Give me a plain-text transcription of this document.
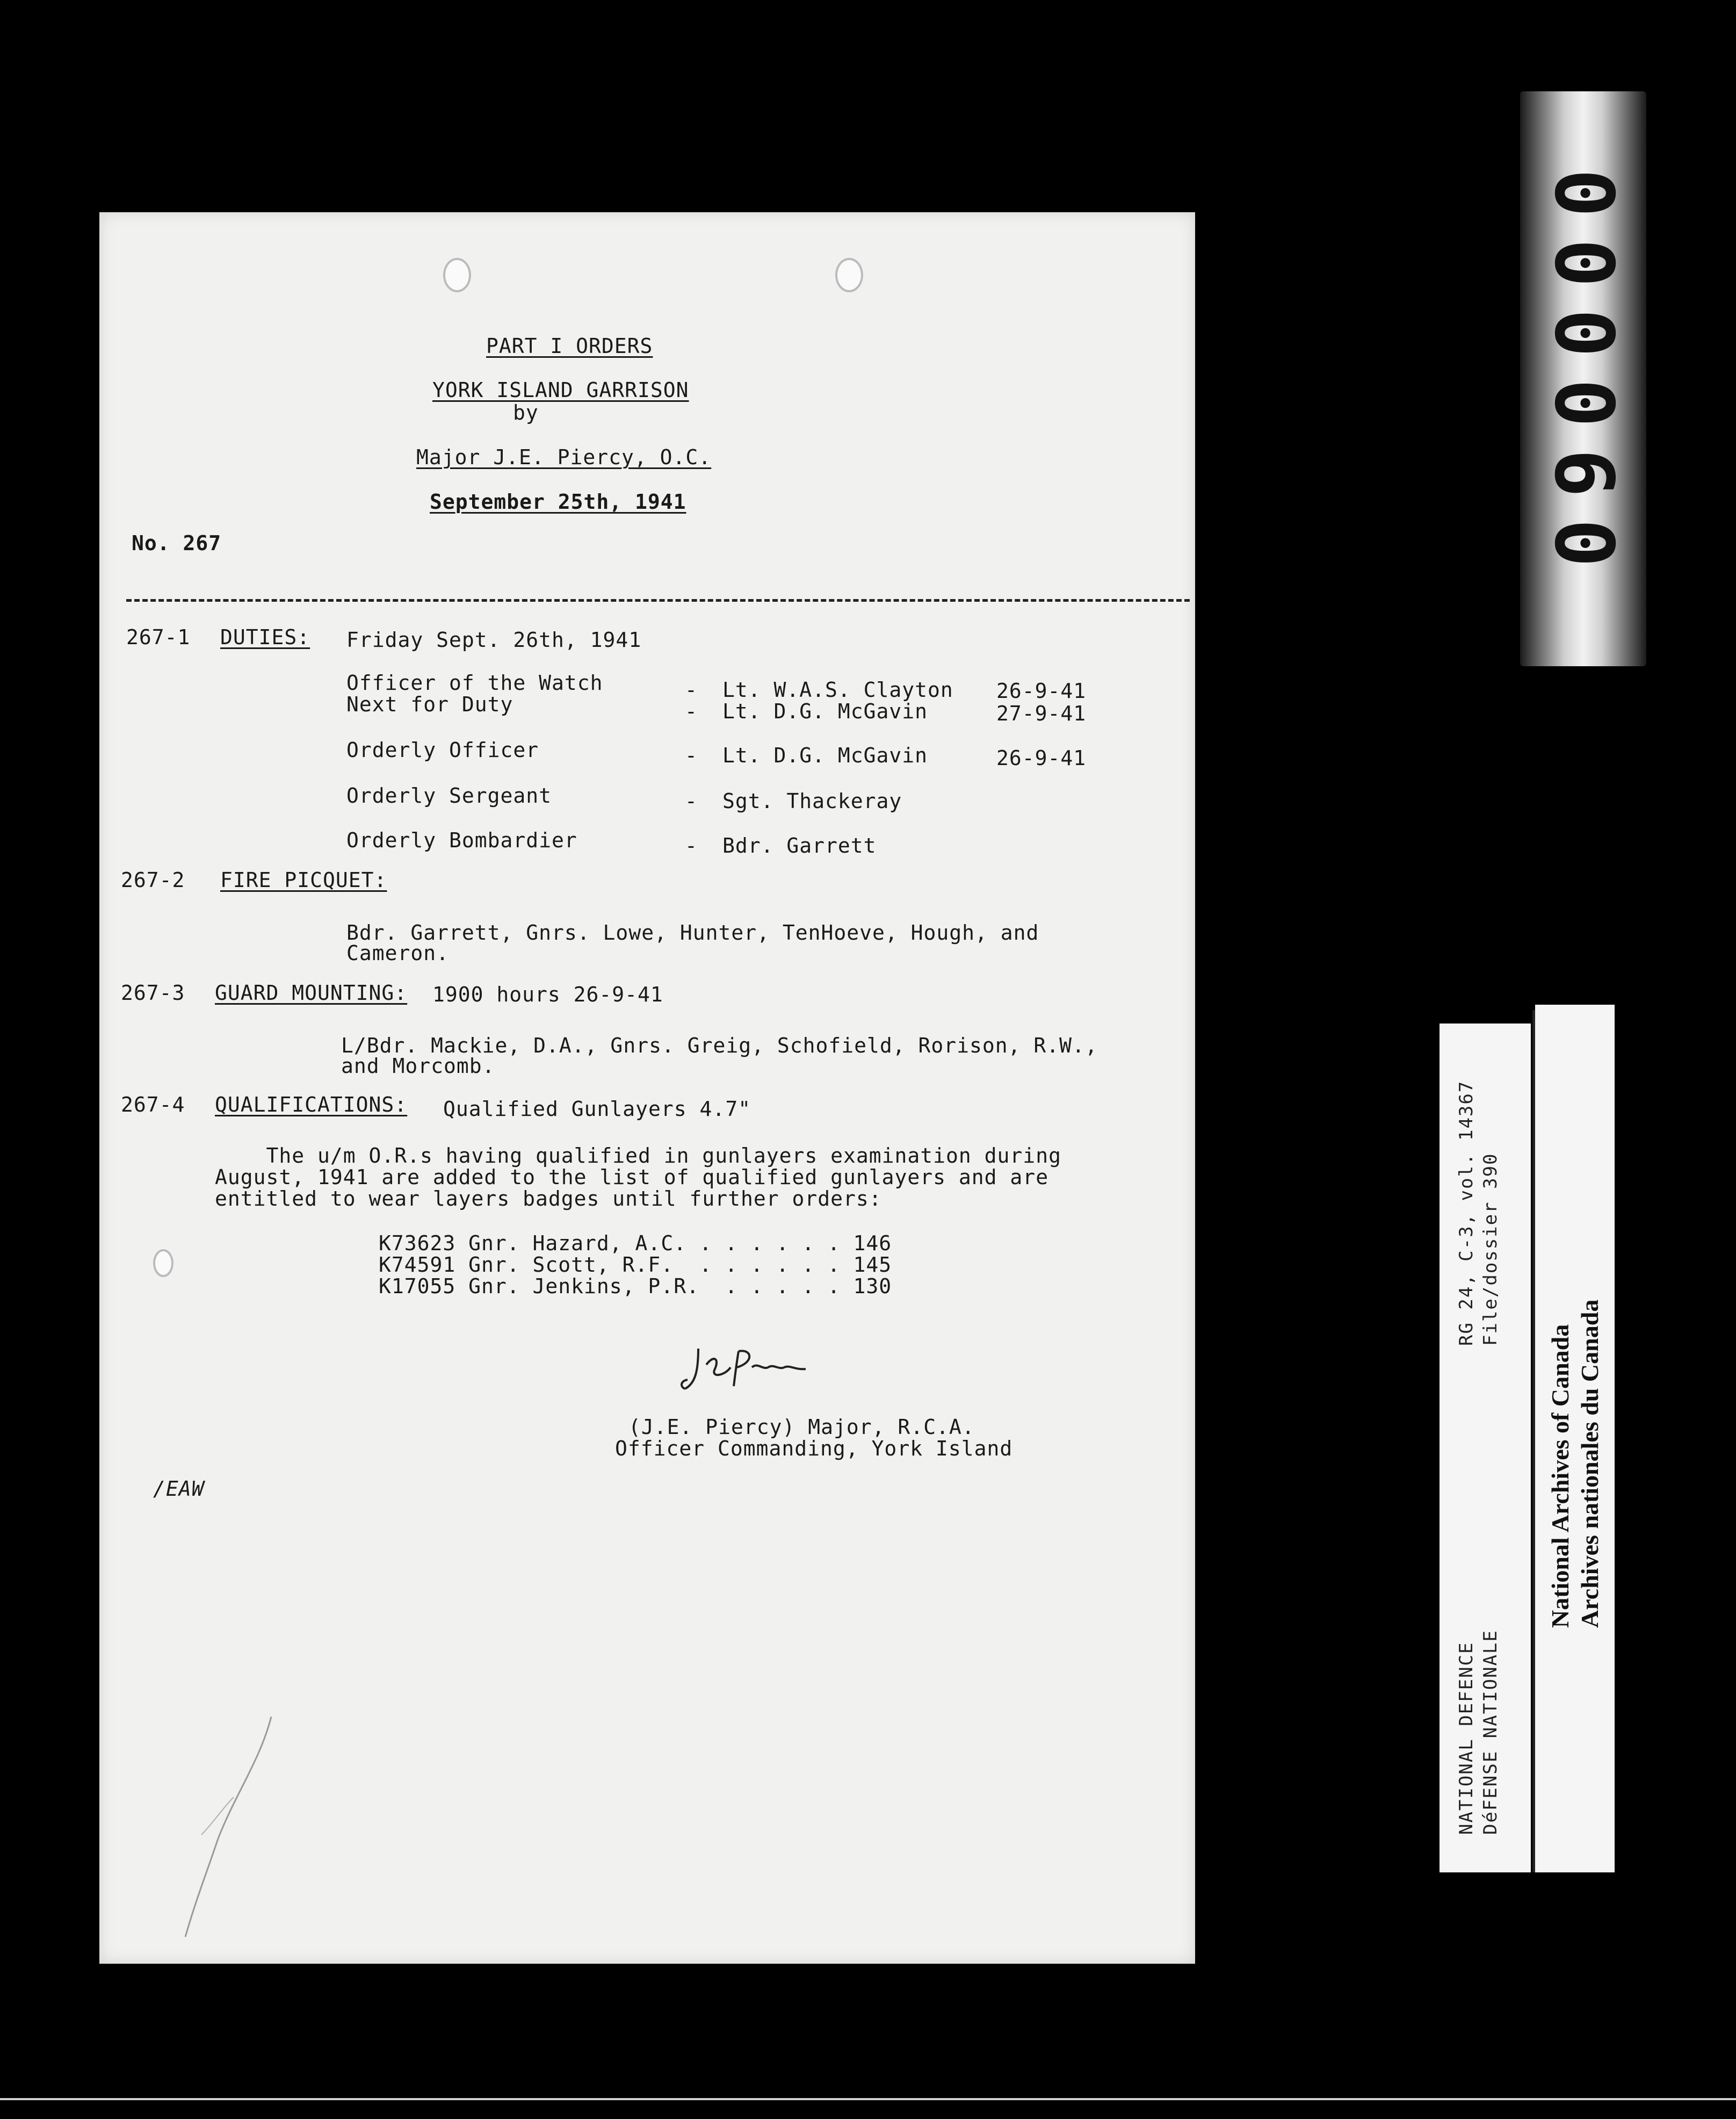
PART I ORDERS
YORK ISLAND GARRISON
by
Major J.E. Piercy, O.C.
September 25th, 1941
No. 267
267-1 DUTIES: Friday Sept. 26th, 1941
Officer of the Watch	- Lt. W.A.S. Clayton 26-9-41
Next for Duty	- Lt. D.G. McGavin	27-9-41
Orderly Officer	- Lt. D.G. McGavin	26-9-41
Orderly Sergeant	- Sgt. Thackeray
Orderly Bombardier	- Bdr. Garrett
267-2 FIRE PICQUET:
Bdr. Garrett, Gnrs. Lowe, Hunter, TenHoeve, Hough, and
Cameron.
267-3 GUARD MOUNTING: 1900 hours 26-9-41
L/Bdr. Mackie, D.A., Gnrs. Greig, Schofield, Rorison, R.W.,
and Morcomb.
267-4 QUALIFICATIONS: Qualified Gunlayers 4.7"
The u/m O.R.s having qualified in gunlayers examination during
August, 1941 are added to the list of qualified gunlayers and are
entitled to wear layers badges until further orders:
K73623 Gnr. Hazard, A.C. . . . . . . 146
K74591 Gnr. Scott, R.F.  . . . . . . 145
K17055 Gnr. Jenkins, P.R.  . . . . . 130
(J.E. Piercy) Major, R.C.A.
Officer Commanding, York Island
/EAW
000060
RG 24, C-3, vol. 14367 File/dossier 390
NATIONAL DEFENCE DéFENSE NATIONALE
National Archives of Canada Archives nationales du Canada
